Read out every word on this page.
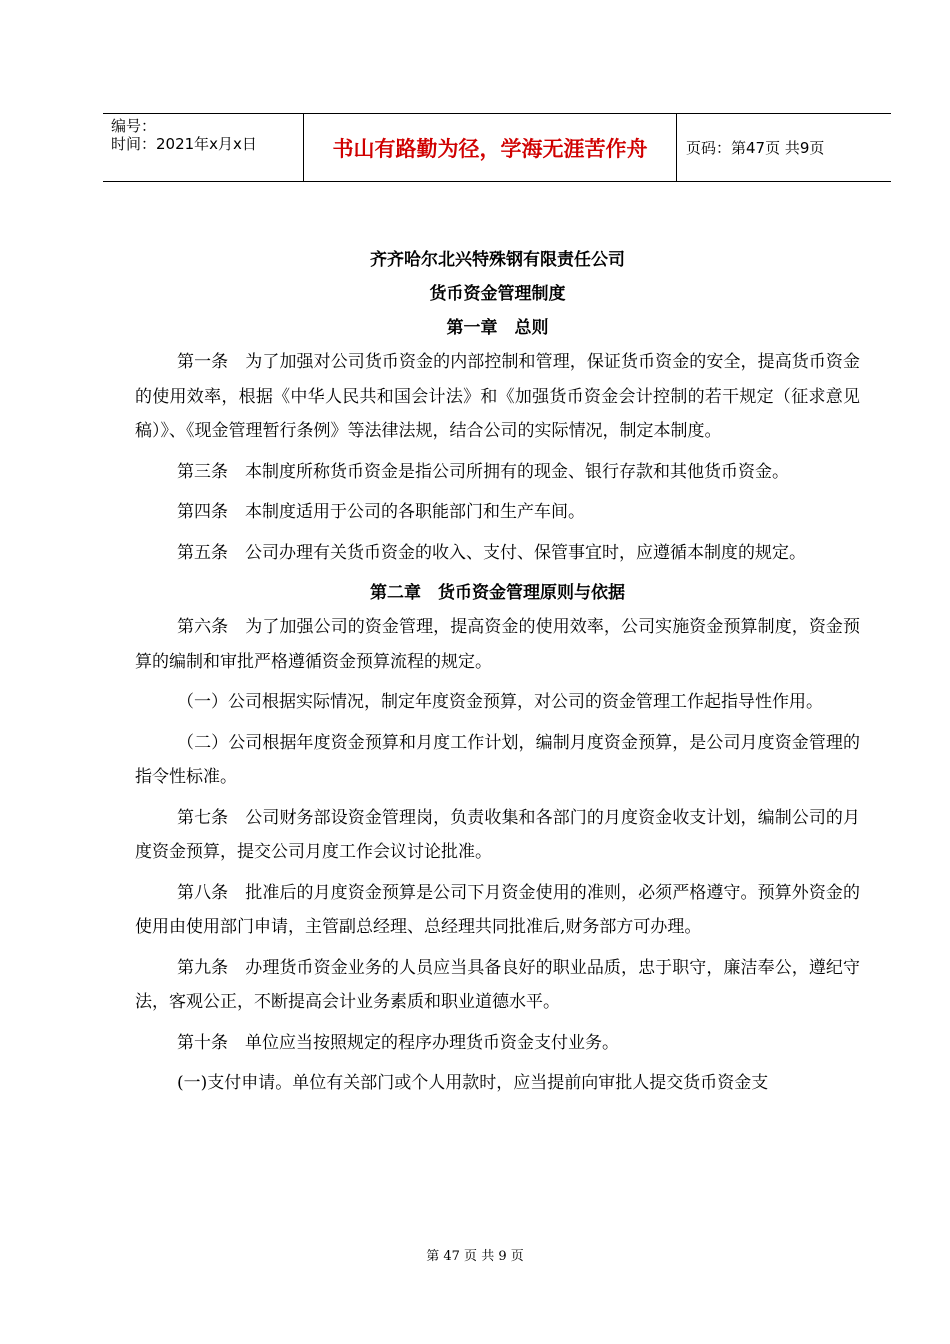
编号：
时间：2021年x月x日	书山有路勤为径，学海无涯苦作舟	页码：第47页 共9页
齐齐哈尔北兴特殊钢有限责任公司
货币资金管理制度
第一章　总则

第一条　为了加强对公司货币资金的内部控制和管理，保证货币资金的安全，提高货币资金的使用效率，根据《中华人民共和国会计法》和《加强货币资金会计控制的若干规定（征求意见稿）》、《现金管理暂行条例》等法律法规，结合公司的实际情况，制定本制度。

第三条　本制度所称货币资金是指公司所拥有的现金、银行存款和其他货币资金。

第四条　本制度适用于公司的各职能部门和生产车间。

第五条　公司办理有关货币资金的收入、支付、保管事宜时，应遵循本制度的规定。

第二章　货币资金管理原则与依据

第六条　为了加强公司的资金管理，提高资金的使用效率，公司实施资金预算制度，资金预算的编制和审批严格遵循资金预算流程的规定。

（一）公司根据实际情况，制定年度资金预算，对公司的资金管理工作起指导性作用。

（二）公司根据年度资金预算和月度工作计划，编制月度资金预算，是公司月度资金管理的指令性标准。

第七条　公司财务部设资金管理岗，负责收集和各部门的月度资金收支计划，编制公司的月度资金预算，提交公司月度工作会议讨论批准。

第八条　批准后的月度资金预算是公司下月资金使用的准则，必须严格遵守。预算外资金的使用由使用部门申请，主管副总经理、总经理共同批准后,财务部方可办理。

第九条　办理货币资金业务的人员应当具备良好的职业品质，忠于职守，廉洁奉公，遵纪守法，客观公正，不断提高会计业务素质和职业道德水平。

第十条　单位应当按照规定的程序办理货币资金支付业务。

(一)支付申请。单位有关部门或个人用款时，应当提前向审批人提交货币资金支

第 47 页 共 9 页
